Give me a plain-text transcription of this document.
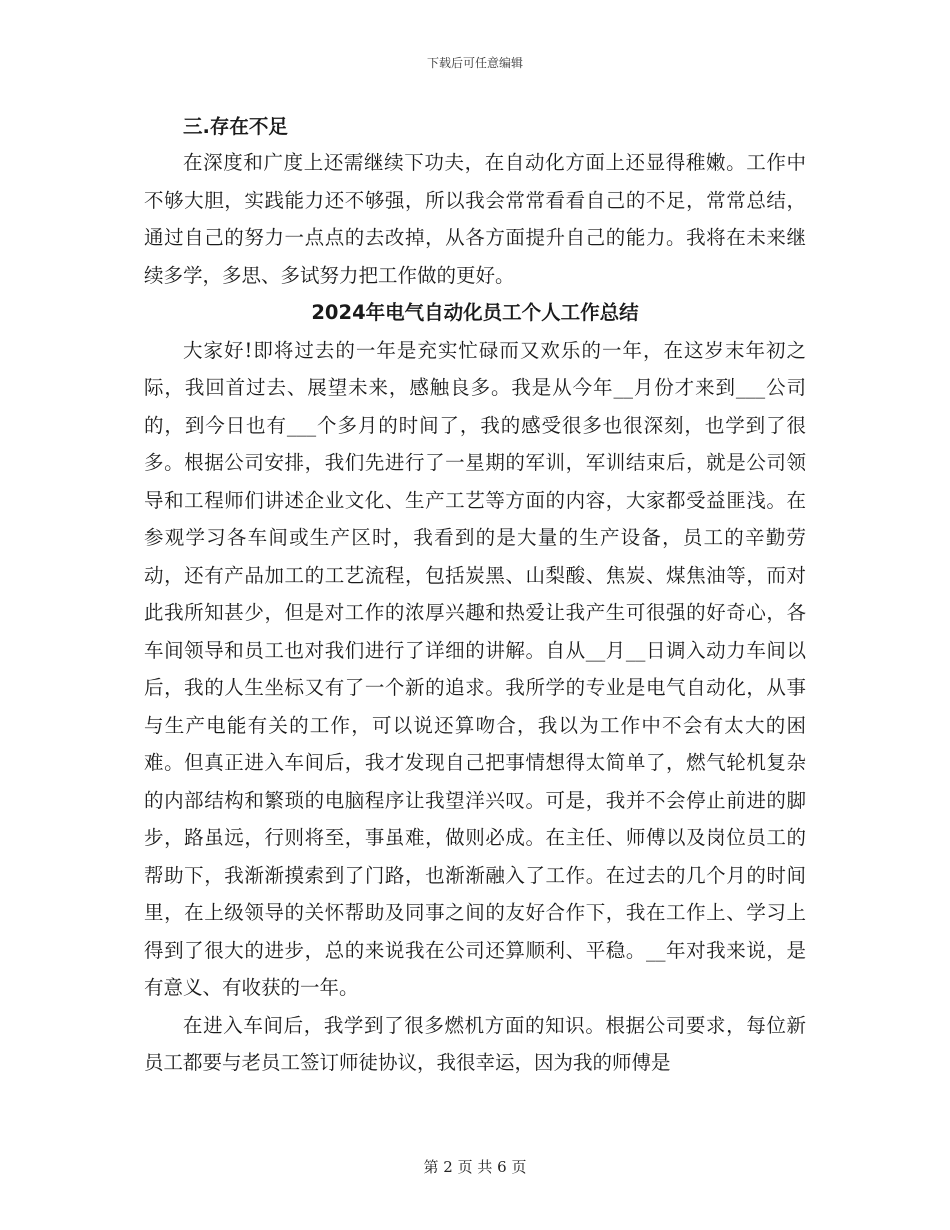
下载后可任意编辑

三.存在不足

在深度和广度上还需继续下功夫，在自动化方面上还显得稚嫩。工作中不够大胆，实践能力还不够强，所以我会常常看看自己的不足，常常总结，通过自己的努力一点点的去改掉，从各方面提升自己的能力。我将在未来继续多学，多思、多试努力把工作做的更好。

2024年电气自动化员工个人工作总结

大家好!即将过去的一年是充实忙碌而又欢乐的一年，在这岁末年初之际，我回首过去、展望未来，感触良多。我是从今年__月份才来到___公司的，到今日也有___个多月的时间了，我的感受很多也很深刻，也学到了很多。根据公司安排，我们先进行了一星期的军训，军训结束后，就是公司领导和工程师们讲述企业文化、生产工艺等方面的内容，大家都受益匪浅。在参观学习各车间或生产区时，我看到的是大量的生产设备，员工的辛勤劳动，还有产品加工的工艺流程，包括炭黑、山梨酸、焦炭、煤焦油等，而对此我所知甚少，但是对工作的浓厚兴趣和热爱让我产生可很强的好奇心，各车间领导和员工也对我们进行了详细的讲解。自从__月__日调入动力车间以后，我的人生坐标又有了一个新的追求。我所学的专业是电气自动化，从事与生产电能有关的工作，可以说还算吻合，我以为工作中不会有太大的困难。但真正进入车间后，我才发现自己把事情想得太简单了，燃气轮机复杂的内部结构和繁琐的电脑程序让我望洋兴叹。可是，我并不会停止前进的脚步，路虽远，行则将至，事虽难，做则必成。在主任、师傅以及岗位员工的帮助下，我渐渐摸索到了门路，也渐渐融入了工作。在过去的几个月的时间里，在上级领导的关怀帮助及同事之间的友好合作下，我在工作上、学习上得到了很大的进步，总的来说我在公司还算顺利、平稳。__年对我来说，是有意义、有收获的一年。

在进入车间后，我学到了很多燃机方面的知识。根据公司要求，每位新员工都要与老员工签订师徒协议，我很幸运，因为我的师傅是

第 2 页 共 6 页
